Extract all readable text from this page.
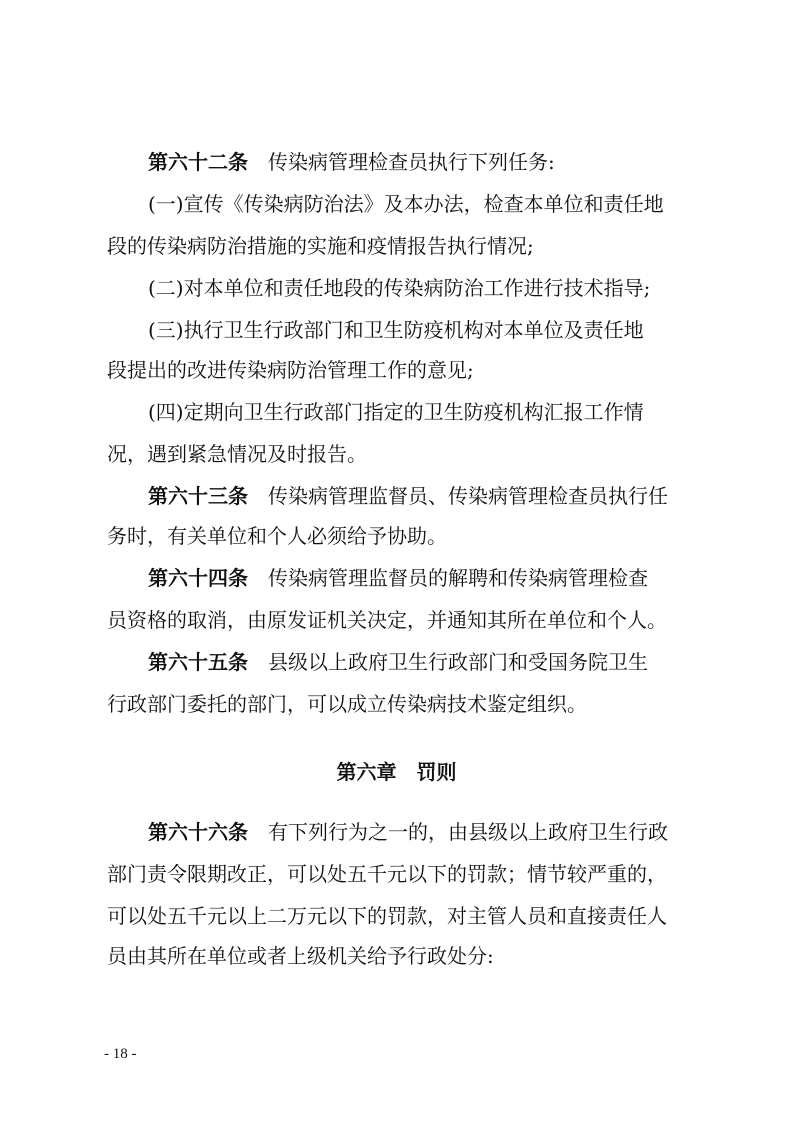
第六十二条 传染病管理检查员执行下列任务:
(一)宣传《传染病防治法》及本办法，检查本单位和责任地
段的传染病防治措施的实施和疫情报告执行情况;
(二)对本单位和责任地段的传染病防治工作进行技术指导;
(三)执行卫生行政部门和卫生防疫机构对本单位及责任地
段提出的改进传染病防治管理工作的意见;
(四)定期向卫生行政部门指定的卫生防疫机构汇报工作情
况，遇到紧急情况及时报告。
第六十三条 传染病管理监督员、传染病管理检查员执行任
务时，有关单位和个人必须给予协助。
第六十四条 传染病管理监督员的解聘和传染病管理检查
员资格的取消，由原发证机关决定，并通知其所在单位和个人。
第六十五条 县级以上政府卫生行政部门和受国务院卫生
行政部门委托的部门，可以成立传染病技术鉴定组织。
第六章 罚则
第六十六条 有下列行为之一的，由县级以上政府卫生行政
部门责令限期改正，可以处五千元以下的罚款；情节较严重的，
可以处五千元以上二万元以下的罚款，对主管人员和直接责任人
员由其所在单位或者上级机关给予行政处分:
- 18 -
